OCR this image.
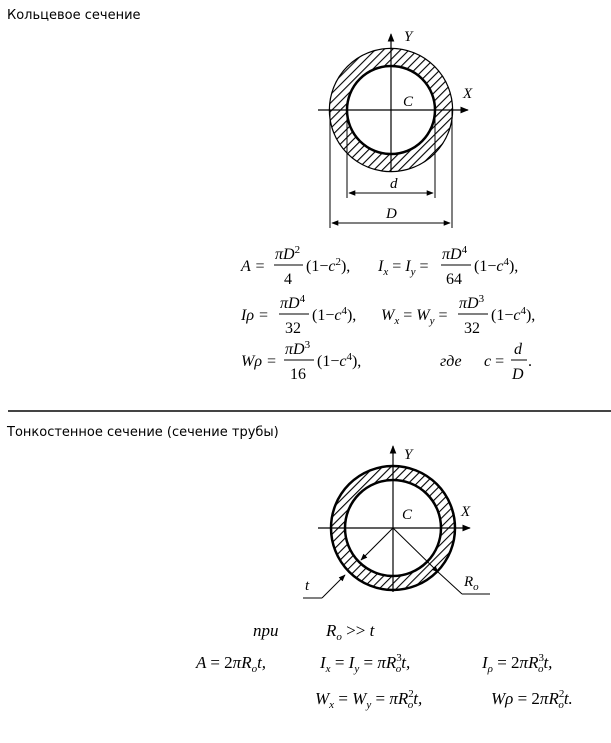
Кольцевое сечение
Тонкостенное сечение (сечение трубы)
Y
X
C
d
D
A =
$\pi D^2$
4
$(1-c^2)$, $I_x = I_y$ =
$\pi D^4$
64
$(1-c^4)$,
Iρ =
$\pi D^4$
32
$(1-c^4)$, $W_x = W_y$ =
$\pi D^3$
32
$(1-c^4)$,
Wρ =
$\pi D^3$
16
$(1-c^4)$,	где c =
d
D
.
Y
X
C
t	$R_o$
при	$R_o >> t$
$A = 2\pi R_ot$,	$I_x = I_y = \pi R^3$ ot,	$I_\rho = 2\pi R^3$ ot,
$W_x = W_y = \pi R^2$ ot,	$W\rho = 2\pi R^2$ ot.
